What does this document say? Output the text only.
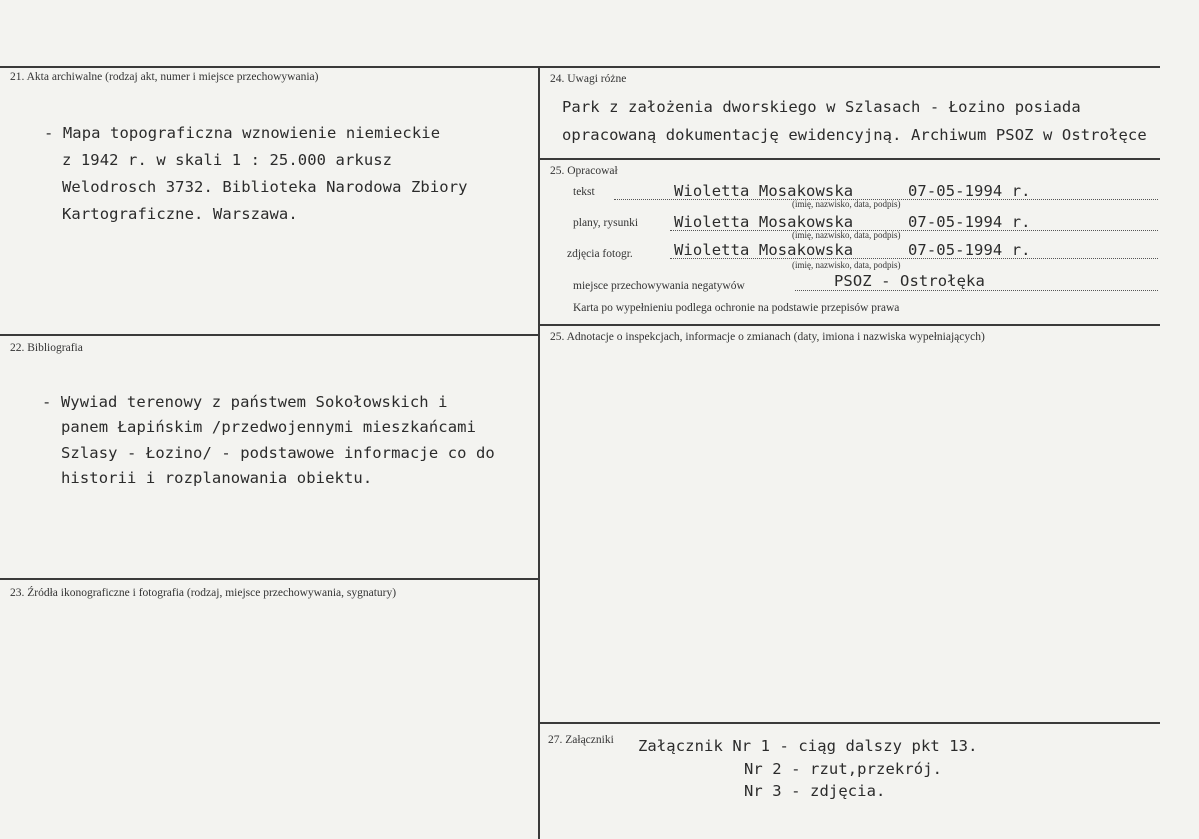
21. Akta archiwalne (rodzaj akt, numer i miejsce przechowywania)
- Mapa topograficzna wznowienie niemieckie
z 1942 r. w skali 1 : 25.000 arkusz
Welodrosch 3732. Biblioteka Narodowa Zbiory
Kartograficzne. Warszawa.
22. Bibliografia
- Wywiad terenowy z państwem Sokołowskich i
panem Łapińskim /przedwojennymi mieszkańcami
Szlasy - Łozino/ - podstawowe informacje co do
historii i rozplanowania obiektu.
23. Źródła ikonograficzne i fotografia (rodzaj, miejsce przechowywania, sygnatury)
24. Uwagi różne
Park z założenia dworskiego w Szlasach - Łozino posiada
opracowaną dokumentację ewidencyjną. Archiwum PSOZ w Ostrołęce
25. Opracował
tekst	Wioletta Mosakowska	07-05-1994 r.
(imię, nazwisko, data, podpis)
plany, rysunki Wioletta Mosakowska	07-05-1994 r.
(imię, nazwisko, data, podpis)
zdjęcia fotogr.	Wioletta Mosakowska	07-05-1994 r.
(imię, nazwisko, data, podpis)
miejsce przechowywania negatywów	PSOZ - Ostrołęka
Karta po wypełnieniu podlega ochronie na podstawie przepisów prawa
25. Adnotacje o inspekcjach, informacje o zmianach (daty, imiona i nazwiska wypełniających)
27. Załączniki Załącznik Nr 1 - ciąg dalszy pkt 13.
Nr 2 - rzut,przekrój.
Nr 3 - zdjęcia.
